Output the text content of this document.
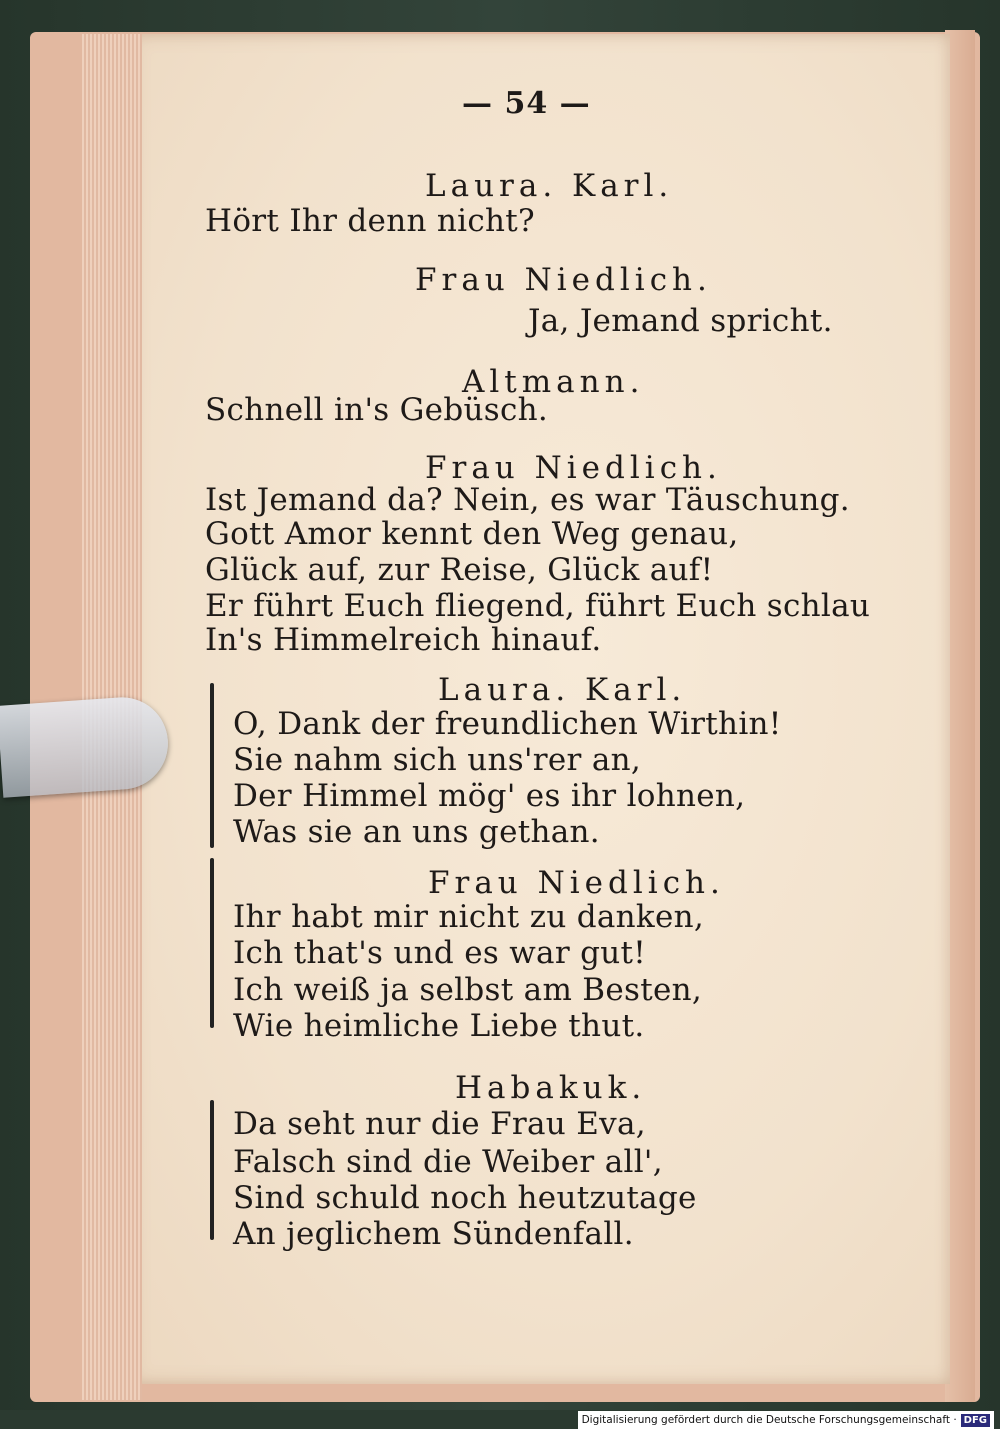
— 54 —
Laura. Karl.
Hört Ihr denn nicht?
Frau Niedlich.
Ja, Jemand spricht.
Altmann.
Schnell in's Gebüsch.
Frau Niedlich.
Ist Jemand da? Nein, es war Täuschung.
Gott Amor kennt den Weg genau,
Glück auf, zur Reise, Glück auf!
Er führt Euch fliegend, führt Euch schlau
In's Himmelreich hinauf.
Laura. Karl.
O, Dank der freundlichen Wirthin!
Sie nahm sich uns'rer an,
Der Himmel mög' es ihr lohnen,
Was sie an uns gethan.
Frau Niedlich.
Ihr habt mir nicht zu danken,
Ich that's und es war gut!
Ich weiß ja selbst am Besten,
Wie heimliche Liebe thut.
Habakuk.
Da seht nur die Frau Eva,
Falsch sind die Weiber all',
Sind schuld noch heutzutage
An jeglichem Sündenfall.
Digitalisierung gefördert durch die Deutsche Forschungsgemeinschaft · DFG
